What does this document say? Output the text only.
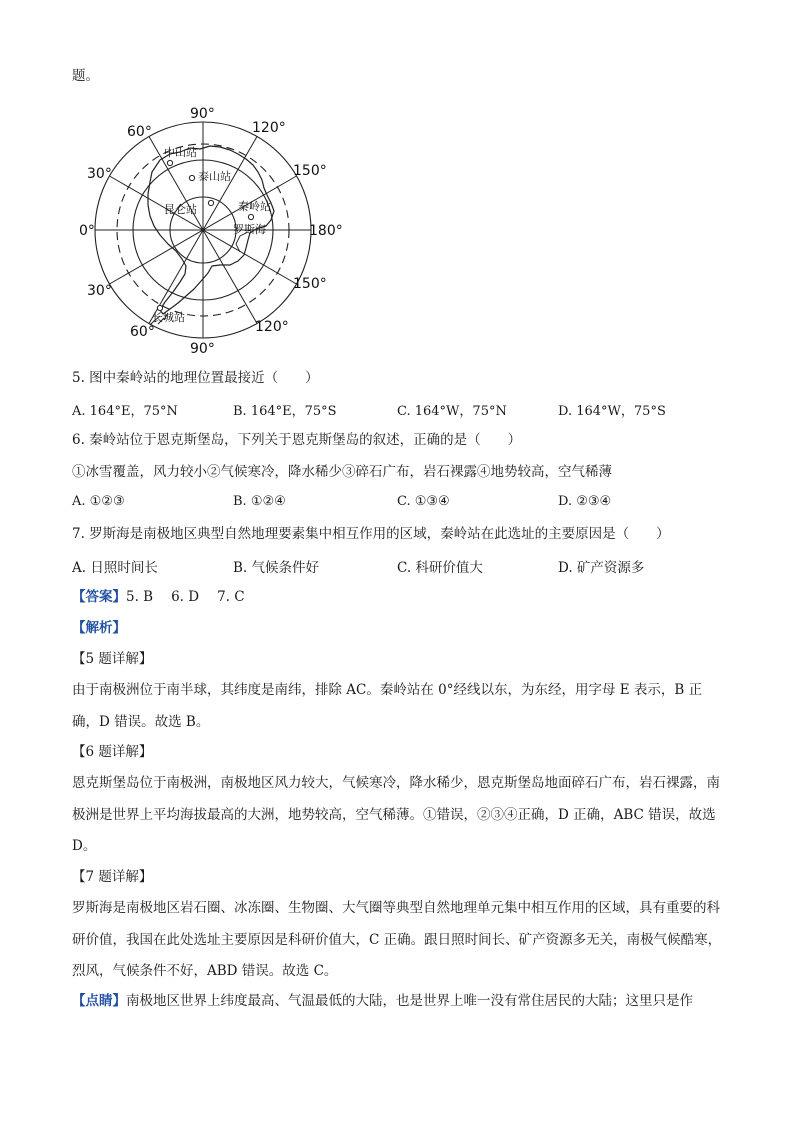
题。
中山站
泰山站
秦岭站
昆仑站
罗斯海
长城站
90°
120°
60°
150°
30°
0°	180°
30°	150°
60°	120°
90°
5. 图中秦岭站的地理位置最接近（　　）
A. 164°E，75°N	B. 164°E，75°S	C. 164°W，75°N	D. 164°W，75°S
6. 秦岭站位于恩克斯堡岛，下列关于恩克斯堡岛的叙述，正确的是（　　）
①冰雪覆盖，风力较小②气候寒冷，降水稀少③碎石广布，岩石裸露④地势较高，空气稀薄
A. ①②③	B. ①②④	C. ①③④	D. ②③④
7. 罗斯海是南极地区典型自然地理要素集中相互作用的区域，秦岭站在此选址的主要原因是（　　）
A. 日照时间长	B. 气候条件好	C. 科研价值大	D. 矿产资源多
【答案】5. B 6. D 7. C
【解析】
【5 题详解】
由于南极洲位于南半球，其纬度是南纬，排除 AC。秦岭站在 0°经线以东，为东经，用字母 E 表示，B 正确，D 错误。故选 B。
【6 题详解】
恩克斯堡岛位于南极洲，南极地区风力较大，气候寒冷，降水稀少，恩克斯堡岛地面碎石广布，岩石裸露，南极洲是世界上平均海拔最高的大洲，地势较高，空气稀薄。①错误，②③④正确，D 正确，ABC 错误，故选 D。
【7 题详解】
罗斯海是南极地区岩石圈、冰冻圈、生物圈、大气圈等典型自然地理单元集中相互作用的区域，具有重要的科研价值，我国在此处选址主要原因是科研价值大，C 正确。跟日照时间长、矿产资源多无关，南极气候酷寒，烈风，气候条件不好，ABD 错误。故选 C。
【点睛】南极地区世界上纬度最高、气温最低的大陆，也是世界上唯一没有常住居民的大陆；这里只是作
